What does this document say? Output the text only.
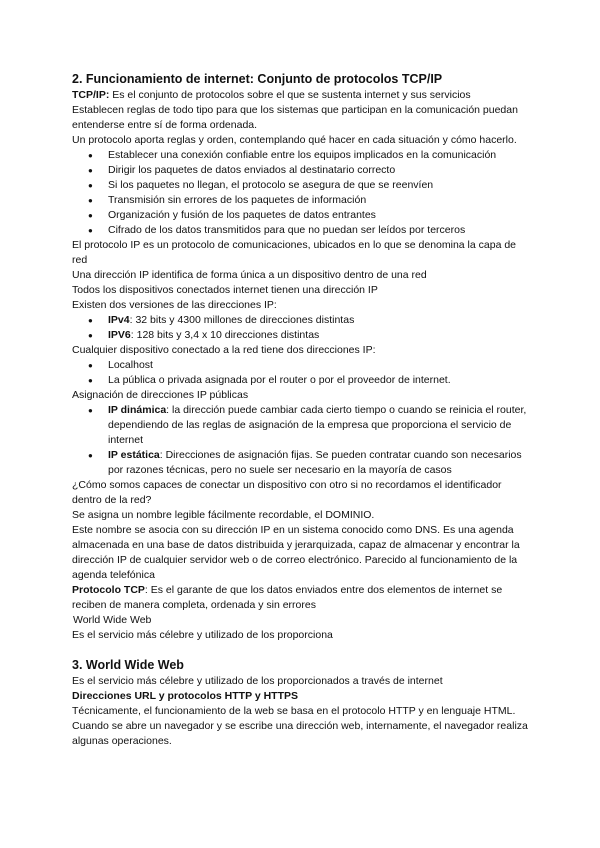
2. Funcionamiento de internet: Conjunto de protocolos TCP/IP

TCP/IP: Es el conjunto de protocolos sobre el que se sustenta internet y sus servicios

Establecen reglas de todo tipo para que los sistemas que participan en la comunicación puedan entenderse entre sí de forma ordenada.

Un protocolo aporta reglas y orden, contemplando qué hacer en cada situación y cómo hacerlo.

● Establecer una conexión confiable entre los equipos implicados en la comunicación
● Dirigir los paquetes de datos enviados al destinatario correcto
● Si los paquetes no llegan, el protocolo se asegura de que se reenvíen
● Transmisión sin errores de los paquetes de información
● Organización y fusión de los paquetes de datos entrantes
● Cifrado de los datos transmitidos para que no puedan ser leídos por terceros

El protocolo IP es un protocolo de comunicaciones, ubicados en lo que se denomina la capa de red

Una dirección IP identifica de forma única a un dispositivo dentro de una red

Todos los dispositivos conectados internet tienen una dirección IP

Existen dos versiones de las direcciones IP:

● IPv4: 32 bits y 4300 millones de direcciones distintas
● IPV6: 128 bits y 3,4 x 10 direcciones distintas

Cualquier dispositivo conectado a la red tiene dos direcciones IP:

● Localhost
● La pública o privada asignada por el router o por el proveedor de internet.

Asignación de direcciones IP públicas

● IP dinámica: la dirección puede cambiar cada cierto tiempo o cuando se reinicia el router, dependiendo de las reglas de asignación de la empresa que proporciona el servicio de internet
● IP estática: Direcciones de asignación fijas. Se pueden contratar cuando son necesarios por razones técnicas, pero no suele ser necesario en la mayoría de casos

¿Cómo somos capaces de conectar un dispositivo con otro si no recordamos el identificador dentro de la red?

Se asigna un nombre legible fácilmente recordable, el DOMINIO.

Este nombre se asocia con su dirección IP en un sistema conocido como DNS. Es una agenda almacenada en una base de datos distribuida y jerarquizada, capaz de almacenar y encontrar la dirección IP de cualquier servidor web o de correo electrónico. Parecido al funcionamiento de la agenda telefónica

Protocolo TCP: Es el garante de que los datos enviados entre dos elementos de internet se reciben de manera completa, ordenada y sin errores

World Wide Web

Es el servicio más célebre y utilizado de los proporciona

3. World Wide Web

Es el servicio más célebre y utilizado de los proporcionados a través de internet

Direcciones URL y protocolos HTTP y HTTPS

Técnicamente, el funcionamiento de la web se basa en el protocolo HTTP y en lenguaje HTML. Cuando se abre un navegador y se escribe una dirección web, internamente, el navegador realiza algunas operaciones.
